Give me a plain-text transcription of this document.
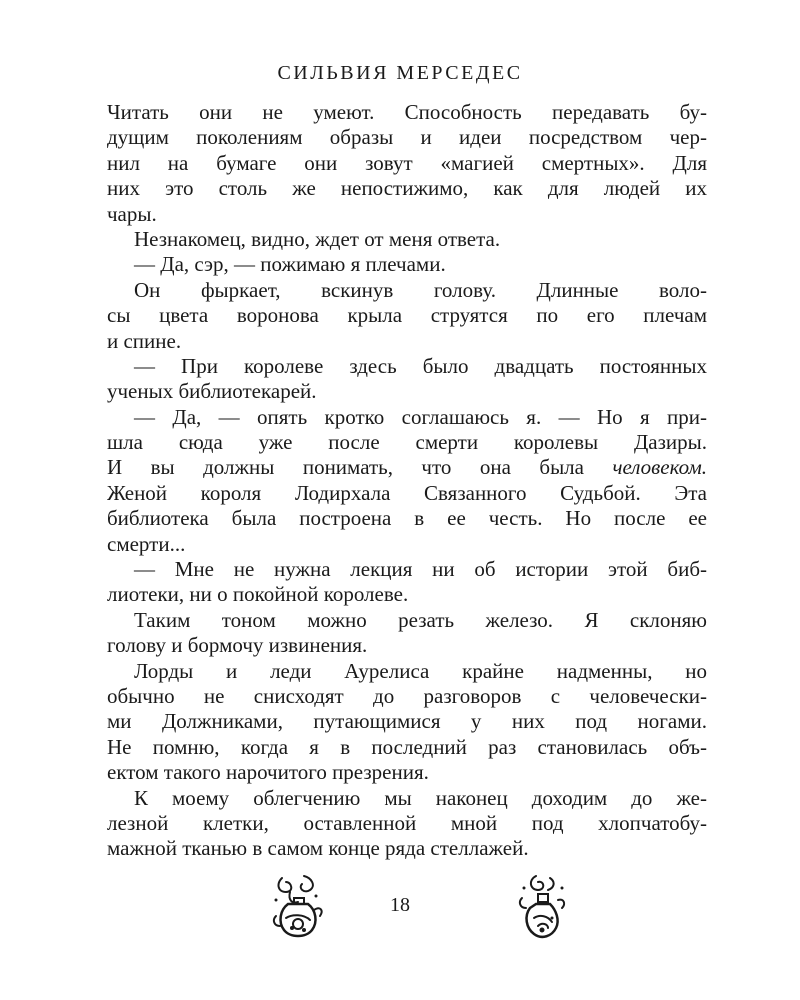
СИЛЬВИЯ МЕРСЕДЕС
Читать они не умеют. Способность передавать бу-
дущим поколениям образы и идеи посредством чер-
нил на бумаге они зовут «магией смертных». Для
них это столь же непостижимо, как для людей их
чары.
Незнакомец, видно, ждет от меня ответа.
— Да, сэр, — пожимаю я плечами.
Он фыркает, вскинув голову. Длинные воло-
сы цвета воронова крыла струятся по его плечам
и спине.
— При королеве здесь было двадцать постоянных
ученых библиотекарей.
— Да, — опять кротко соглашаюсь я. — Но я при-
шла сюда уже после смерти королевы Дазиры.
И вы должны понимать, что она была человеком.
Женой короля Лодирхала Связанного Судьбой. Эта
библиотека была построена в ее честь. Но после ее
смерти...
— Мне не нужна лекция ни об истории этой биб-
лиотеки, ни о покойной королеве.
Таким тоном можно резать железо. Я склоняю
голову и бормочу извинения.
Лорды и леди Аурелиса крайне надменны, но
обычно не снисходят до разговоров с человечески-
ми Должниками, путающимися у них под ногами.
Не помню, когда я в последний раз становилась объ-
ектом такого нарочитого презрения.
К моему облегчению мы наконец доходим до же-
лезной клетки, оставленной мной под хлопчатобу-
мажной тканью в самом конце ряда стеллажей.
18
